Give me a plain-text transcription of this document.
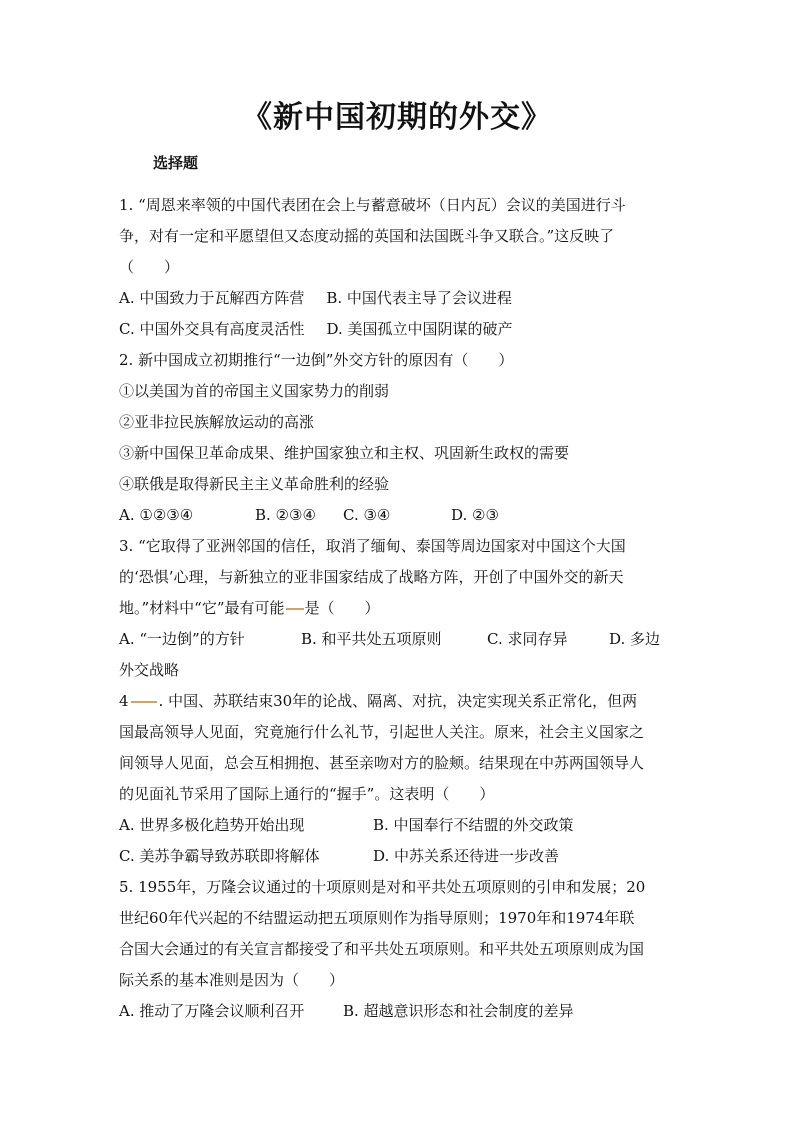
《新中国初期的外交》
选择题
1. “周恩来率领的中国代表团在会上与蓄意破坏（日内瓦）会议的美国进行斗
争，对有一定和平愿望但又态度动摇的英国和法国既斗争又联合。”这反映了
（　　）
A. 中国致力于瓦解西方阵营 B. 中国代表主导了会议进程
C. 中国外交具有高度灵活性 D. 美国孤立中国阴谋的破产
2. 新中国成立初期推行“一边倒”外交方针的原因有（　　）
①以美国为首的帝国主义国家势力的削弱
②亚非拉民族解放运动的高涨
③新中国保卫革命成果、维护国家独立和主权、巩固新生政权的需要
④联俄是取得新民主主义革命胜利的经验
A. ①②③④	B. ②③④	C. ③④	D. ②③
3. “它取得了亚洲邻国的信任，取消了缅甸、泰国等周边国家对中国这个大国
的‘恐惧’心理，与新独立的亚非国家结成了战略方阵，开创了中国外交的新天
地。”材料中“它”最有可能 是（　　）
A. “一边倒”的方针	B. 和平共处五项原则	C. 求同存异	D. 多边
外交战略
4 . 中国、苏联结束30年的论战、隔离、对抗，决定实现关系正常化，但两
国最高领导人见面，究竟施行什么礼节，引起世人关注。原来，社会主义国家之
间领导人见面，总会互相拥抱、甚至亲吻对方的脸颊。结果现在中苏两国领导人
的见面礼节采用了国际上通行的“握手”。这表明（　　）
A. 世界多极化趋势开始出现	B. 中国奉行不结盟的外交政策
C. 美苏争霸导致苏联即将解体	D. 中苏关系还待进一步改善
5. 1955年，万隆会议通过的十项原则是对和平共处五项原则的引申和发展；20
世纪60年代兴起的不结盟运动把五项原则作为指导原则；1970年和1974年联
合国大会通过的有关宣言都接受了和平共处五项原则。和平共处五项原则成为国
际关系的基本准则是因为（　　）
A. 推动了万隆会议顺利召开	B. 超越意识形态和社会制度的差异
